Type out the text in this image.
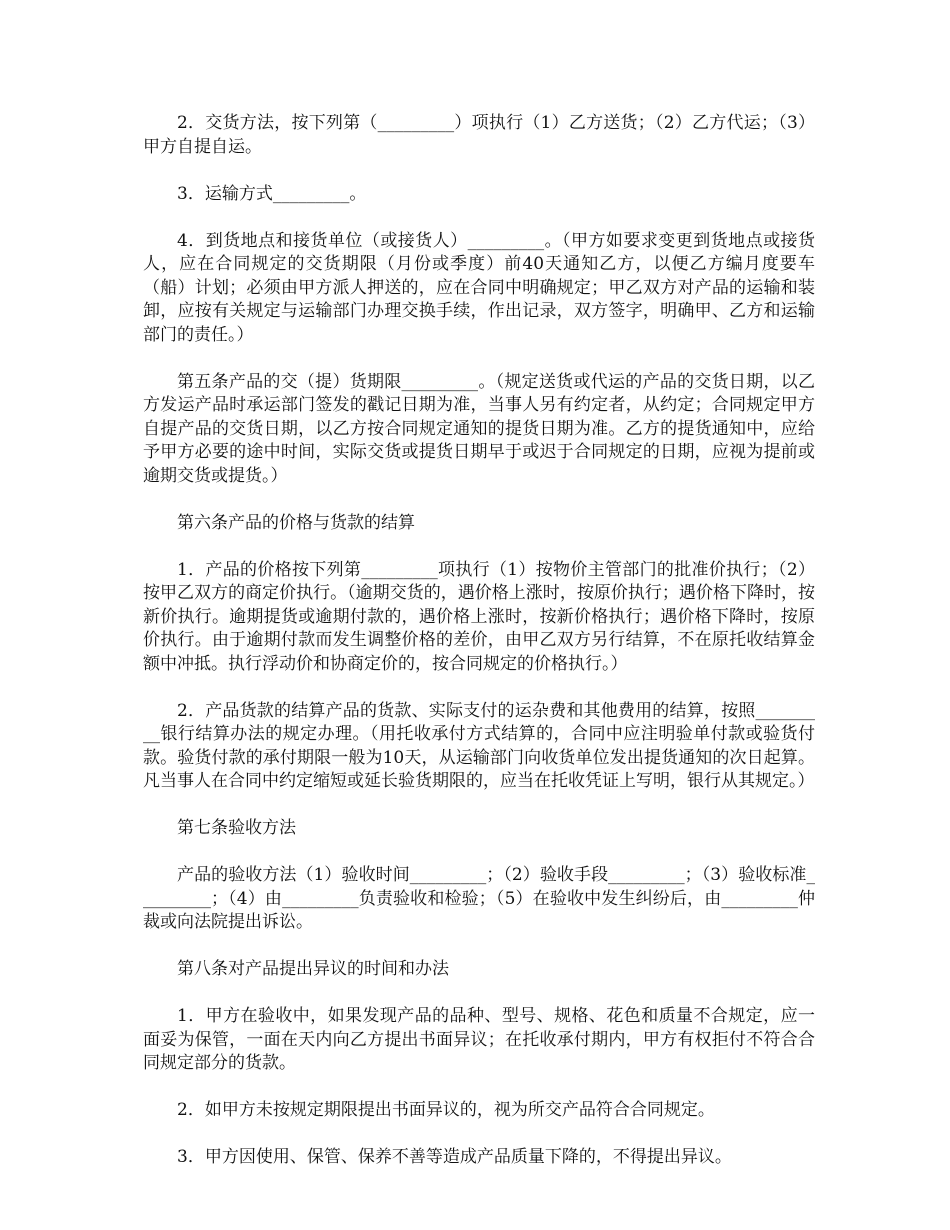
2．交货方法，按下列第（_________）项执行（1）乙方送货；（2）乙方代运；（3）甲方自提自运。

3．运输方式_________。

4．到货地点和接货单位（或接货人）_________。（甲方如要求变更到货地点或接货人，应在合同规定的交货期限（月份或季度）前40天通知乙方，以便乙方编月度要车（船）计划；必须由甲方派人押送的，应在合同中明确规定；甲乙双方对产品的运输和装卸，应按有关规定与运输部门办理交换手续，作出记录，双方签字，明确甲、乙方和运输部门的责任。）

第五条产品的交（提）货期限_________。（规定送货或代运的产品的交货日期，以乙方发运产品时承运部门签发的戳记日期为准，当事人另有约定者，从约定；合同规定甲方自提产品的交货日期，以乙方按合同规定通知的提货日期为准。乙方的提货通知中，应给予甲方必要的途中时间，实际交货或提货日期早于或迟于合同规定的日期，应视为提前或逾期交货或提货。）

第六条产品的价格与货款的结算

1．产品的价格按下列第_________项执行（1）按物价主管部门的批准价执行；（2）按甲乙双方的商定价执行。（逾期交货的，遇价格上涨时，按原价执行；遇价格下降时，按新价执行。逾期提货或逾期付款的，遇价格上涨时，按新价格执行；遇价格下降时，按原价执行。由于逾期付款而发生调整价格的差价，由甲乙双方另行结算，不在原托收结算金额中冲抵。执行浮动价和协商定价的，按合同规定的价格执行。）

2．产品货款的结算产品的货款、实际支付的运杂费和其他费用的结算，按照_________银行结算办法的规定办理。（用托收承付方式结算的，合同中应注明验单付款或验货付款。验货付款的承付期限一般为10天，从运输部门向收货单位发出提货通知的次日起算。凡当事人在合同中约定缩短或延长验货期限的，应当在托收凭证上写明，银行从其规定。）

第七条验收方法

产品的验收方法（1）验收时间_________；（2）验收手段_________；（3）验收标准_________；（4）由_________负责验收和检验；（5）在验收中发生纠纷后，由_________仲裁或向法院提出诉讼。

第八条对产品提出异议的时间和办法

1．甲方在验收中，如果发现产品的品种、型号、规格、花色和质量不合规定，应一面妥为保管，一面在天内向乙方提出书面异议；在托收承付期内，甲方有权拒付不符合合同规定部分的货款。

2．如甲方未按规定期限提出书面异议的，视为所交产品符合合同规定。

3．甲方因使用、保管、保养不善等造成产品质量下降的，不得提出异议。
